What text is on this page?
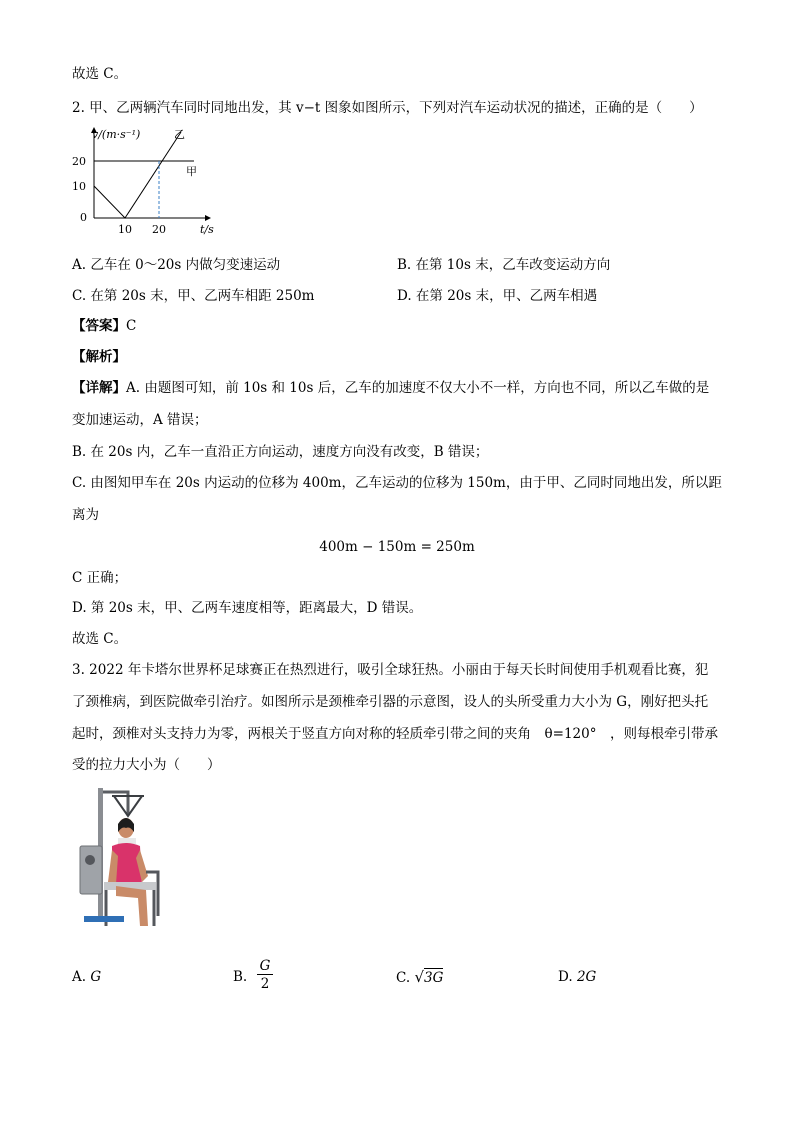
故选 C。
2. 甲、乙两辆汽车同时同地出发，其 v−t 图象如图所示，下列对汽车运动状况的描述，正确的是（　　）
v/(m·s⁻¹)
20
10
0
10 20	t/s
乙
甲
A. 乙车在 0～20s 内做匀变速运动	B. 在第 10s 末，乙车改变运动方向
C. 在第 20s 末，甲、乙两车相距 250m	D. 在第 20s 末，甲、乙两车相遇
【答案】C
【解析】
【详解】A. 由题图可知，前 10s 和 10s 后，乙车的加速度不仅大小不一样，方向也不同，所以乙车做的是
变加速运动，A 错误；
B. 在 20s 内，乙车一直沿正方向运动，速度方向没有改变，B 错误；
C. 由图知甲车在 20s 内运动的位移为 400m，乙车运动的位移为 150m，由于甲、乙同时同地出发，所以距
离为
400m − 150m = 250m
C 正确；
D. 第 20s 末，甲、乙两车速度相等，距离最大，D 错误。
故选 C。
3. 2022 年卡塔尔世界杯足球赛正在热烈进行，吸引全球狂热。小丽由于每天长时间使用手机观看比赛，犯
了颈椎病，到医院做牵引治疗。如图所示是颈椎牵引器的示意图，设人的头所受重力大小为 G，刚好把头托
起时，颈椎对头支持力为零，两根关于竖直方向对称的轻质牵引带之间的夹角　θ=120°　，则每根牵引带承
受的拉力大小为（　　）
A. G	B. $\frac{G}{2}$	C. √3G	D. 2G
